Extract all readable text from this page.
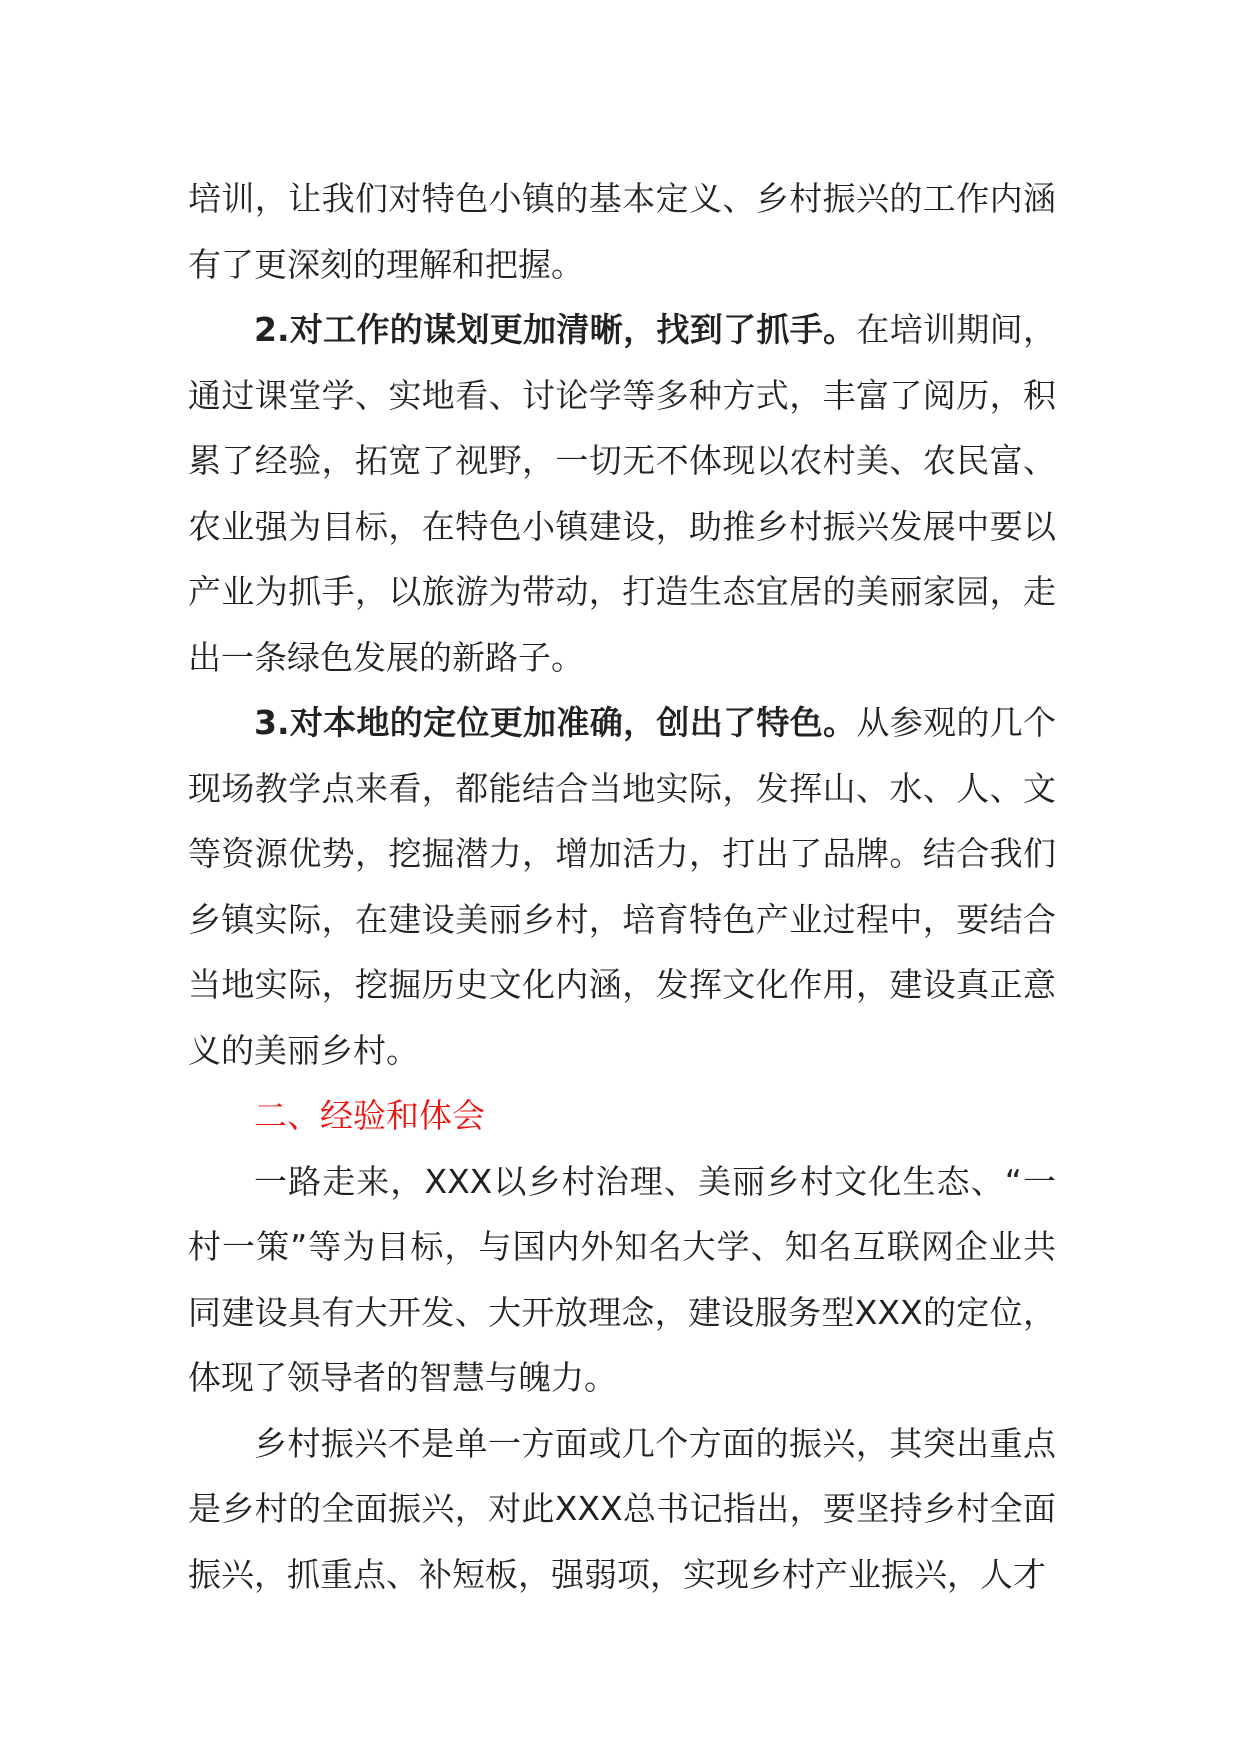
培训，让我们对特色小镇的基本定义、乡村振兴的工作内涵有了更深刻的理解和把握。

2.对工作的谋划更加清晰，找到了抓手。在培训期间，通过课堂学、实地看、讨论学等多种方式，丰富了阅历，积累了经验，拓宽了视野，一切无不体现以农村美、农民富、农业强为目标，在特色小镇建设，助推乡村振兴发展中要以产业为抓手，以旅游为带动，打造生态宜居的美丽家园，走出一条绿色发展的新路子。

3.对本地的定位更加准确，创出了特色。从参观的几个现场教学点来看，都能结合当地实际，发挥山、水、人、文等资源优势，挖掘潜力，增加活力，打出了品牌。结合我们乡镇实际，在建设美丽乡村，培育特色产业过程中，要结合当地实际，挖掘历史文化内涵，发挥文化作用，建设真正意义的美丽乡村。

二、经验和体会

一路走来，XXX以乡村治理、美丽乡村文化生态、“一村一策”等为目标，与国内外知名大学、知名互联网企业共同建设具有大开发、大开放理念，建设服务型XXX的定位，体现了领导者的智慧与魄力。

乡村振兴不是单一方面或几个方面的振兴，其突出重点是乡村的全面振兴，对此XXX总书记指出，要坚持乡村全面振兴，抓重点、补短板，强弱项，实现乡村产业振兴，人才
